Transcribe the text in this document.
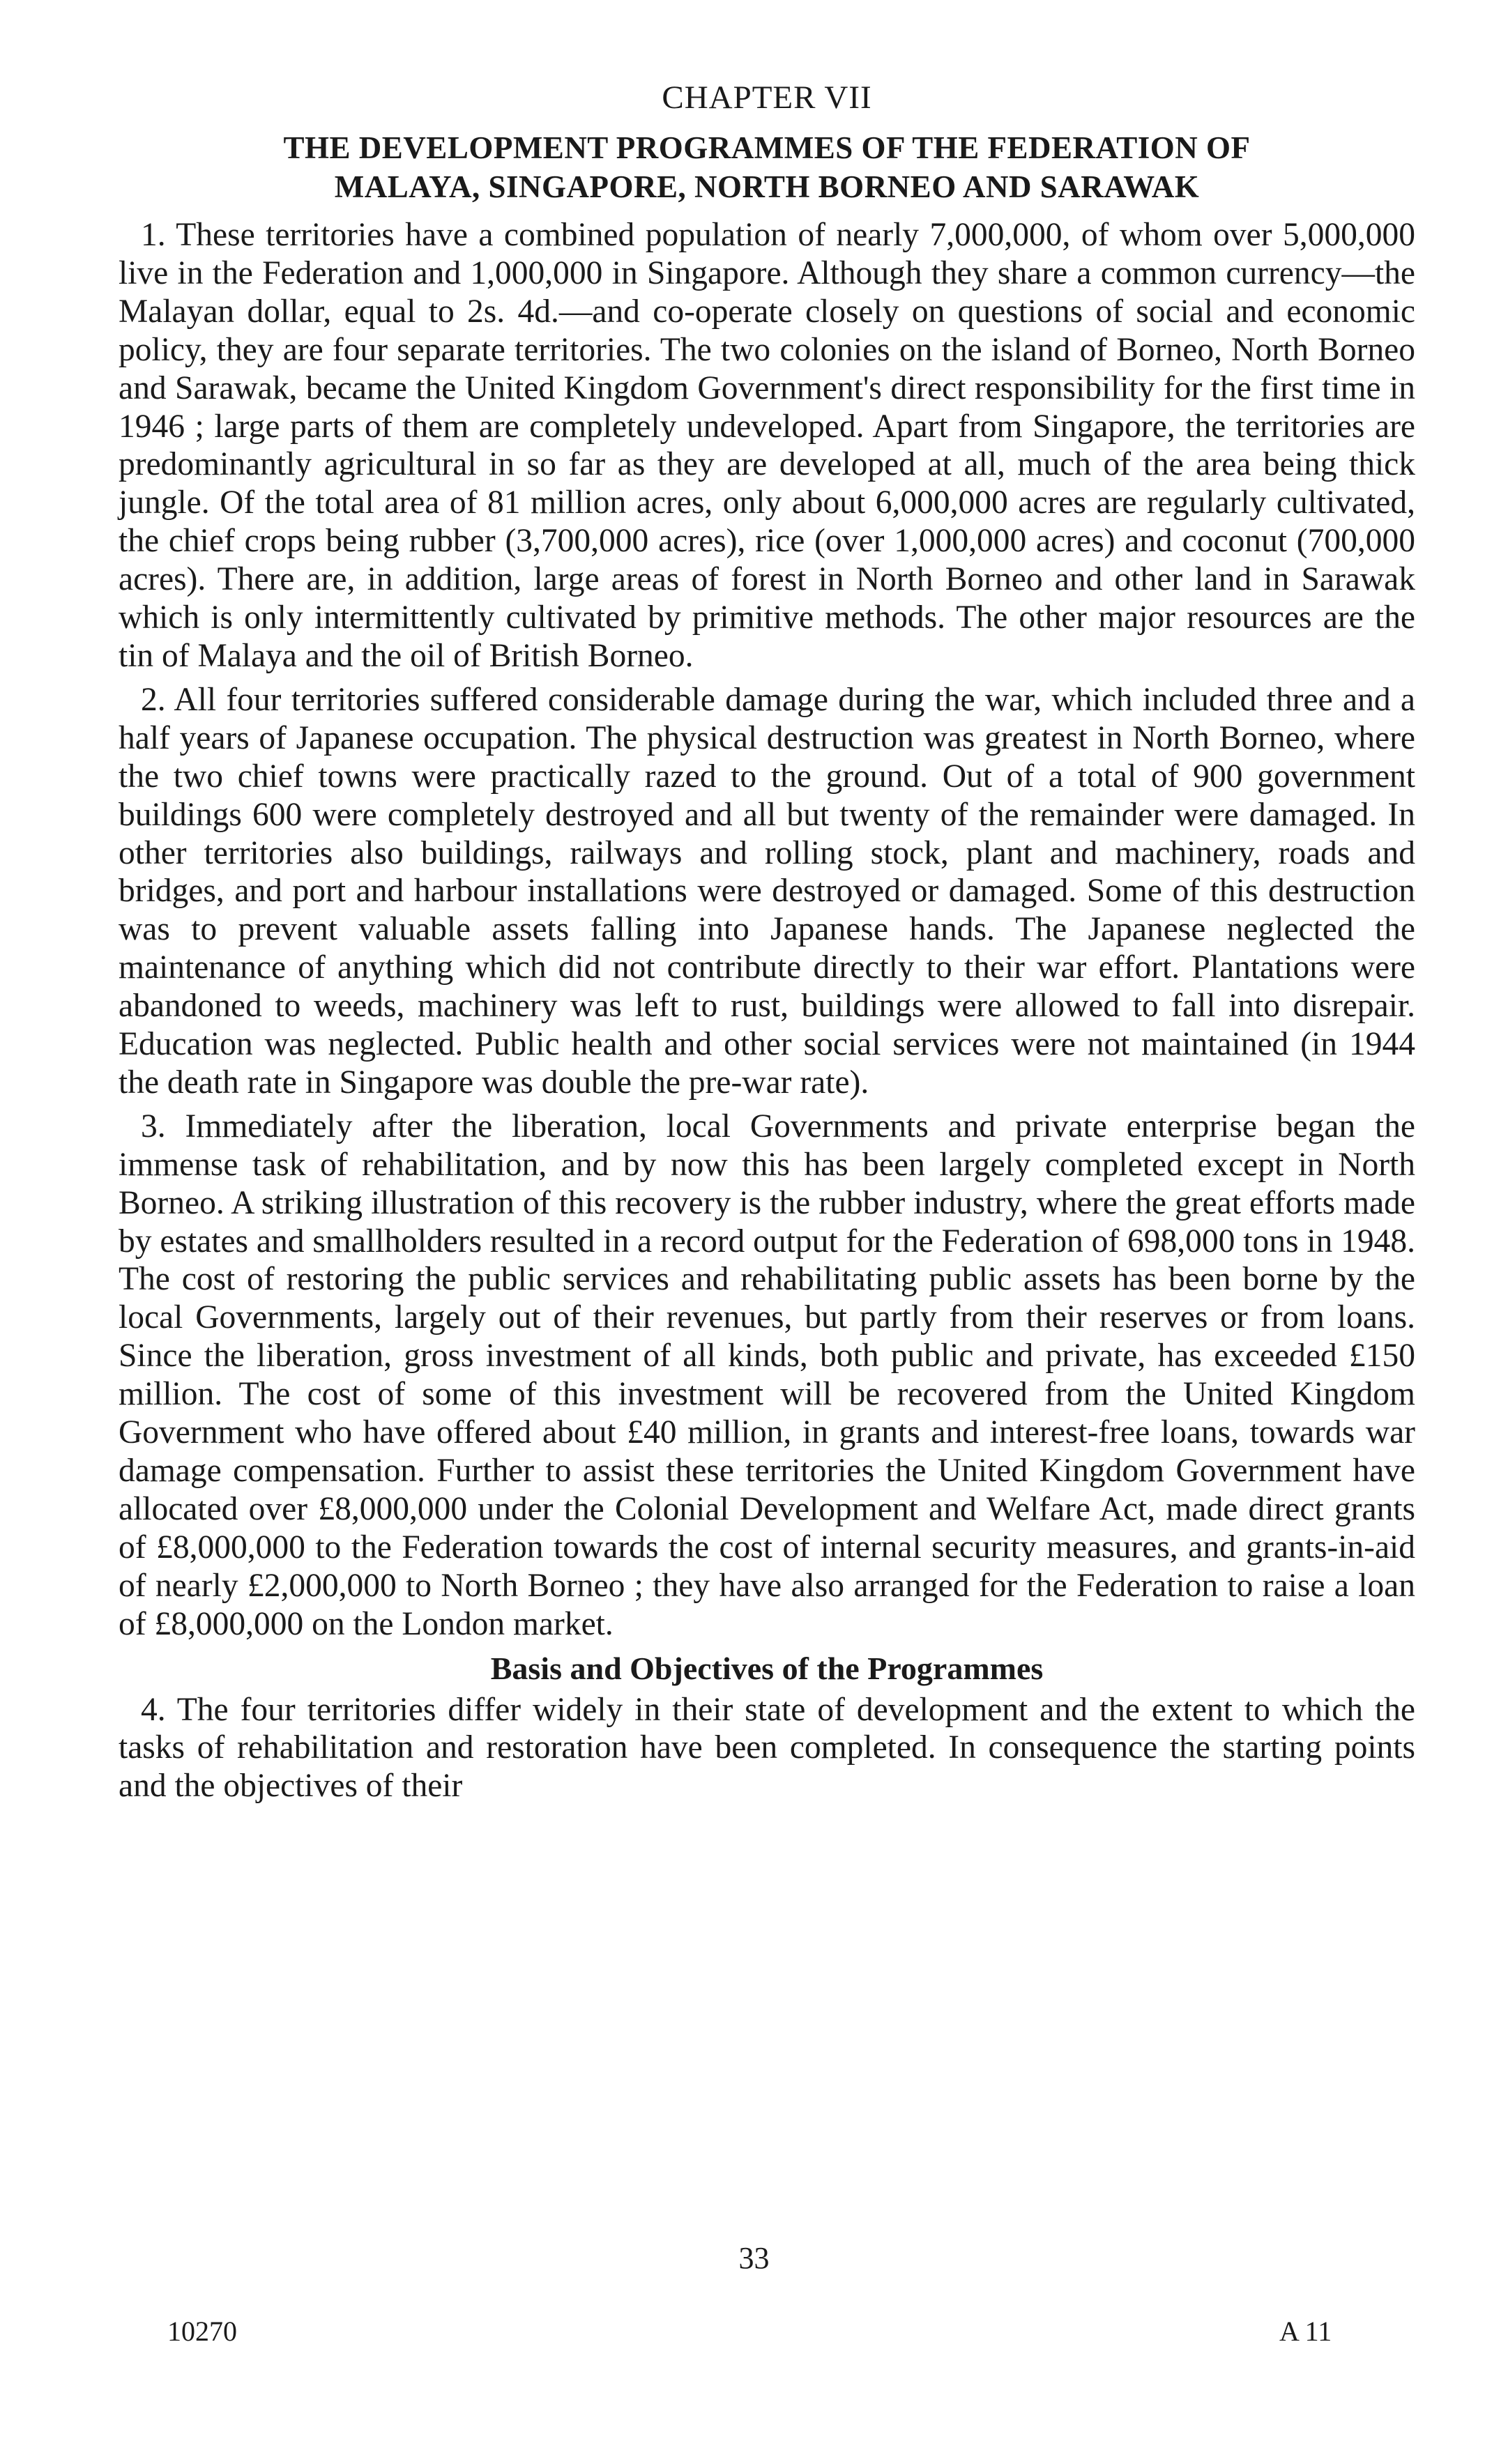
CHAPTER VII
THE DEVELOPMENT PROGRAMMES OF THE FEDERATION OF
MALAYA, SINGAPORE, NORTH BORNEO AND SARAWAK

1. These territories have a combined population of nearly 7,000,000, of whom over 5,000,000 live in the Federation and 1,000,000 in Singapore. Although they share a common currency—the Malayan dollar, equal to 2s. 4d.—and co-operate closely on questions of social and economic policy, they are four separate territories. The two colonies on the island of Borneo, North Borneo and Sarawak, became the United Kingdom Government's direct responsibility for the first time in 1946 ; large parts of them are completely undeveloped. Apart from Singapore, the territories are predominantly agricultural in so far as they are developed at all, much of the area being thick jungle. Of the total area of 81 million acres, only about 6,000,000 acres are regularly cultivated, the chief crops being rubber (3,700,000 acres), rice (over 1,000,000 acres) and coconut (700,000 acres). There are, in addition, large areas of forest in North Borneo and other land in Sarawak which is only intermittently cultivated by primitive methods. The other major resources are the tin of Malaya and the oil of British Borneo.

2. All four territories suffered considerable damage during the war, which included three and a half years of Japanese occupation. The physical destruction was greatest in North Borneo, where the two chief towns were practically razed to the ground. Out of a total of 900 government buildings 600 were completely destroyed and all but twenty of the remainder were damaged. In other territories also buildings, railways and rolling stock, plant and machinery, roads and bridges, and port and harbour installations were destroyed or damaged. Some of this destruction was to prevent valuable assets falling into Japanese hands. The Japanese neglected the maintenance of anything which did not contribute directly to their war effort. Plantations were abandoned to weeds, machinery was left to rust, buildings were allowed to fall into disrepair. Education was neglected. Public health and other social services were not maintained (in 1944 the death rate in Singapore was double the pre-war rate).

3. Immediately after the liberation, local Governments and private enterprise began the immense task of rehabilitation, and by now this has been largely completed except in North Borneo. A striking illustration of this recovery is the rubber industry, where the great efforts made by estates and smallholders resulted in a record output for the Federation of 698,000 tons in 1948. The cost of restoring the public services and rehabilitating public assets has been borne by the local Governments, largely out of their revenues, but partly from their reserves or from loans. Since the liberation, gross investment of all kinds, both public and private, has exceeded £150 million. The cost of some of this investment will be recovered from the United Kingdom Government who have offered about £40 million, in grants and interest-free loans, towards war damage compensation. Further to assist these territories the United Kingdom Government have allocated over £8,000,000 under the Colonial Development and Welfare Act, made direct grants of £8,000,000 to the Federation towards the cost of internal security measures, and grants-in-aid of nearly £2,000,000 to North Borneo ; they have also arranged for the Federation to raise a loan of £8,000,000 on the London market.

Basis and Objectives of the Programmes

4. The four territories differ widely in their state of development and the extent to which the tasks of rehabilitation and restoration have been completed. In consequence the starting points and the objectives of their

33
10270	A 11
